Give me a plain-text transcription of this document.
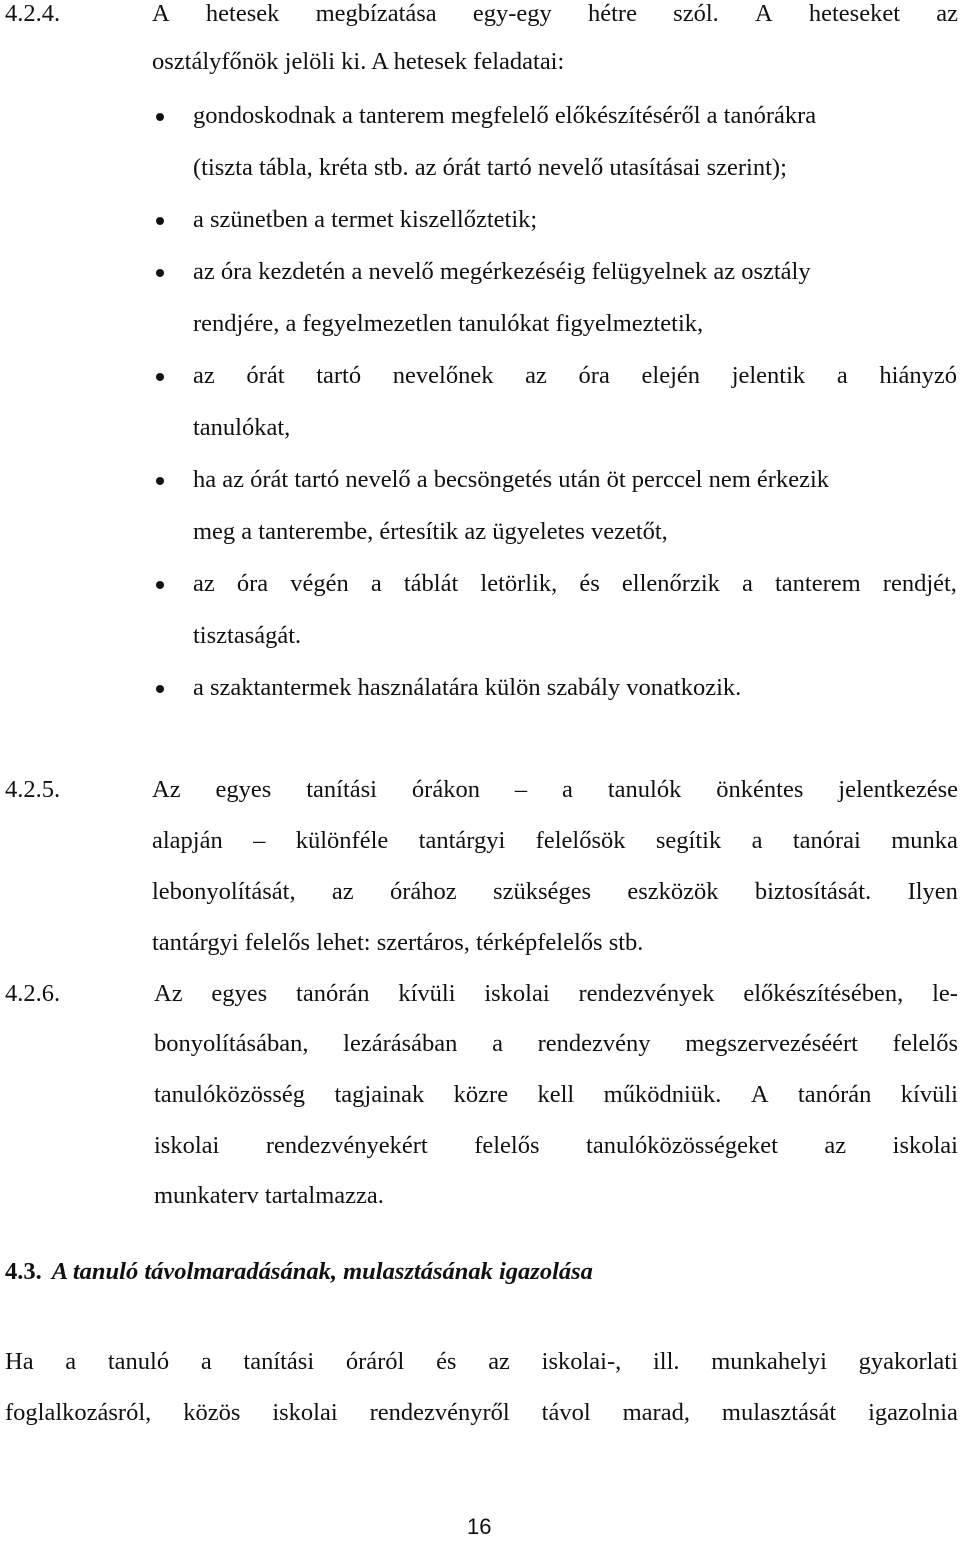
4.2.4.	A hetesek megbízatása egy-egy hétre szól. A heteseket az
osztályfőnök jelöli ki. A hetesek feladatai:
gondoskodnak a tanterem megfelelő előkészítéséről a tanórákra
(tiszta tábla, kréta stb. az órát tartó nevelő utasításai szerint);
a szünetben a termet kiszellőztetik;
az óra kezdetén a nevelő megérkezéséig felügyelnek az osztály
rendjére, a fegyelmezetlen tanulókat figyelmeztetik,
az órát tartó nevelőnek az óra elején jelentik a hiányzó
tanulókat,
ha az órát tartó nevelő a becsöngetés után öt perccel nem érkezik
meg a tanterembe, értesítik az ügyeletes vezetőt,
az óra végén a táblát letörlik, és ellenőrzik a tanterem rendjét,
tisztaságát.
a szaktantermek használatára külön szabály vonatkozik.
4.2.5.	Az egyes tanítási órákon – a tanulók önkéntes jelentkezése
alapján – különféle tantárgyi felelősök segítik a tanórai munka
lebonyolítását, az órához szükséges eszközök biztosítását. Ilyen
tantárgyi felelős lehet: szertáros, térképfelelős stb.
4.2.6.	Az egyes tanórán kívüli iskolai rendezvények előkészítésében, le-
bonyolításában, lezárásában a rendezvény megszervezéséért felelős
tanulóközösség tagjainak közre kell működniük. A tanórán kívüli
iskolai rendezvényekért felelős tanulóközösségeket az iskolai
munkaterv tartalmazza.
4.3. A tanuló távolmaradásának, mulasztásának igazolása
Ha a tanuló a tanítási óráról és az iskolai-, ill. munkahelyi gyakorlati
foglalkozásról, közös iskolai rendezvényről távol marad, mulasztását igazolnia
16
